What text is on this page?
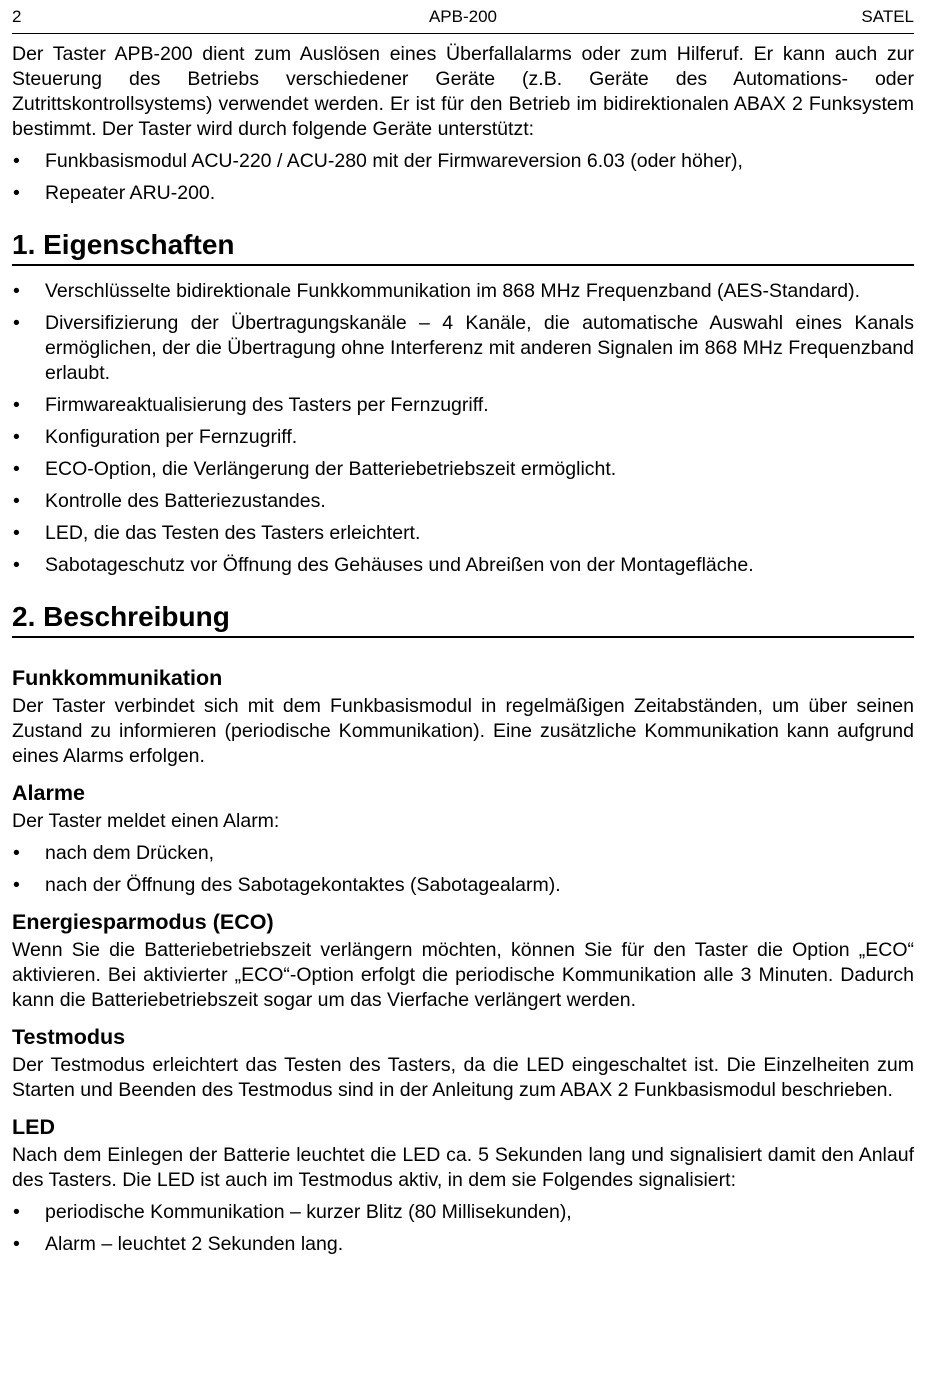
2	APB-200	SATEL

Der Taster APB-200 dient zum Auslösen eines Überfallalarms oder zum Hilferuf. Er kann auch zur Steuerung des Betriebs verschiedener Geräte (z.B. Geräte des Automations- oder Zutrittskontrollsystems) verwendet werden. Er ist für den Betrieb im bidirektionalen ABAX 2 Funksystem bestimmt. Der Taster wird durch folgende Geräte unterstützt:

• Funkbasismodul ACU-220 / ACU-280 mit der Firmwareversion 6.03 (oder höher),
• Repeater ARU-200.
1. Eigenschaften
• Verschlüsselte bidirektionale Funkkommunikation im 868 MHz Frequenzband (AES-Standard).
• Diversifizierung der Übertragungskanäle – 4 Kanäle, die automatische Auswahl eines Kanals ermöglichen, der die Übertragung ohne Interferenz mit anderen Signalen im 868 MHz Frequenzband erlaubt.
• Firmwareaktualisierung des Tasters per Fernzugriff.
• Konfiguration per Fernzugriff.
• ECO-Option, die Verlängerung der Batteriebetriebszeit ermöglicht.
• Kontrolle des Batteriezustandes.
• LED, die das Testen des Tasters erleichtert.
• Sabotageschutz vor Öffnung des Gehäuses und Abreißen von der Montagefläche.
2. Beschreibung
Funkkommunikation

Der Taster verbindet sich mit dem Funkbasismodul in regelmäßigen Zeitabständen, um über seinen Zustand zu informieren (periodische Kommunikation). Eine zusätzliche Kommunikation kann aufgrund eines Alarms erfolgen.

Alarme

Der Taster meldet einen Alarm:

• nach dem Drücken,
• nach der Öffnung des Sabotagekontaktes (Sabotagealarm).
Energiesparmodus (ECO)

Wenn Sie die Batteriebetriebszeit verlängern möchten, können Sie für den Taster die Option „ECO“ aktivieren. Bei aktivierter „ECO“-Option erfolgt die periodische Kommunikation alle 3 Minuten. Dadurch kann die Batteriebetriebszeit sogar um das Vierfache verlängert werden.

Testmodus

Der Testmodus erleichtert das Testen des Tasters, da die LED eingeschaltet ist. Die Einzelheiten zum Starten und Beenden des Testmodus sind in der Anleitung zum ABAX 2 Funkbasismodul beschrieben.

LED

Nach dem Einlegen der Batterie leuchtet die LED ca. 5 Sekunden lang und signalisiert damit den Anlauf des Tasters. Die LED ist auch im Testmodus aktiv, in dem sie Folgendes signalisiert:

• periodische Kommunikation – kurzer Blitz (80 Millisekunden),
• Alarm – leuchtet 2 Sekunden lang.
